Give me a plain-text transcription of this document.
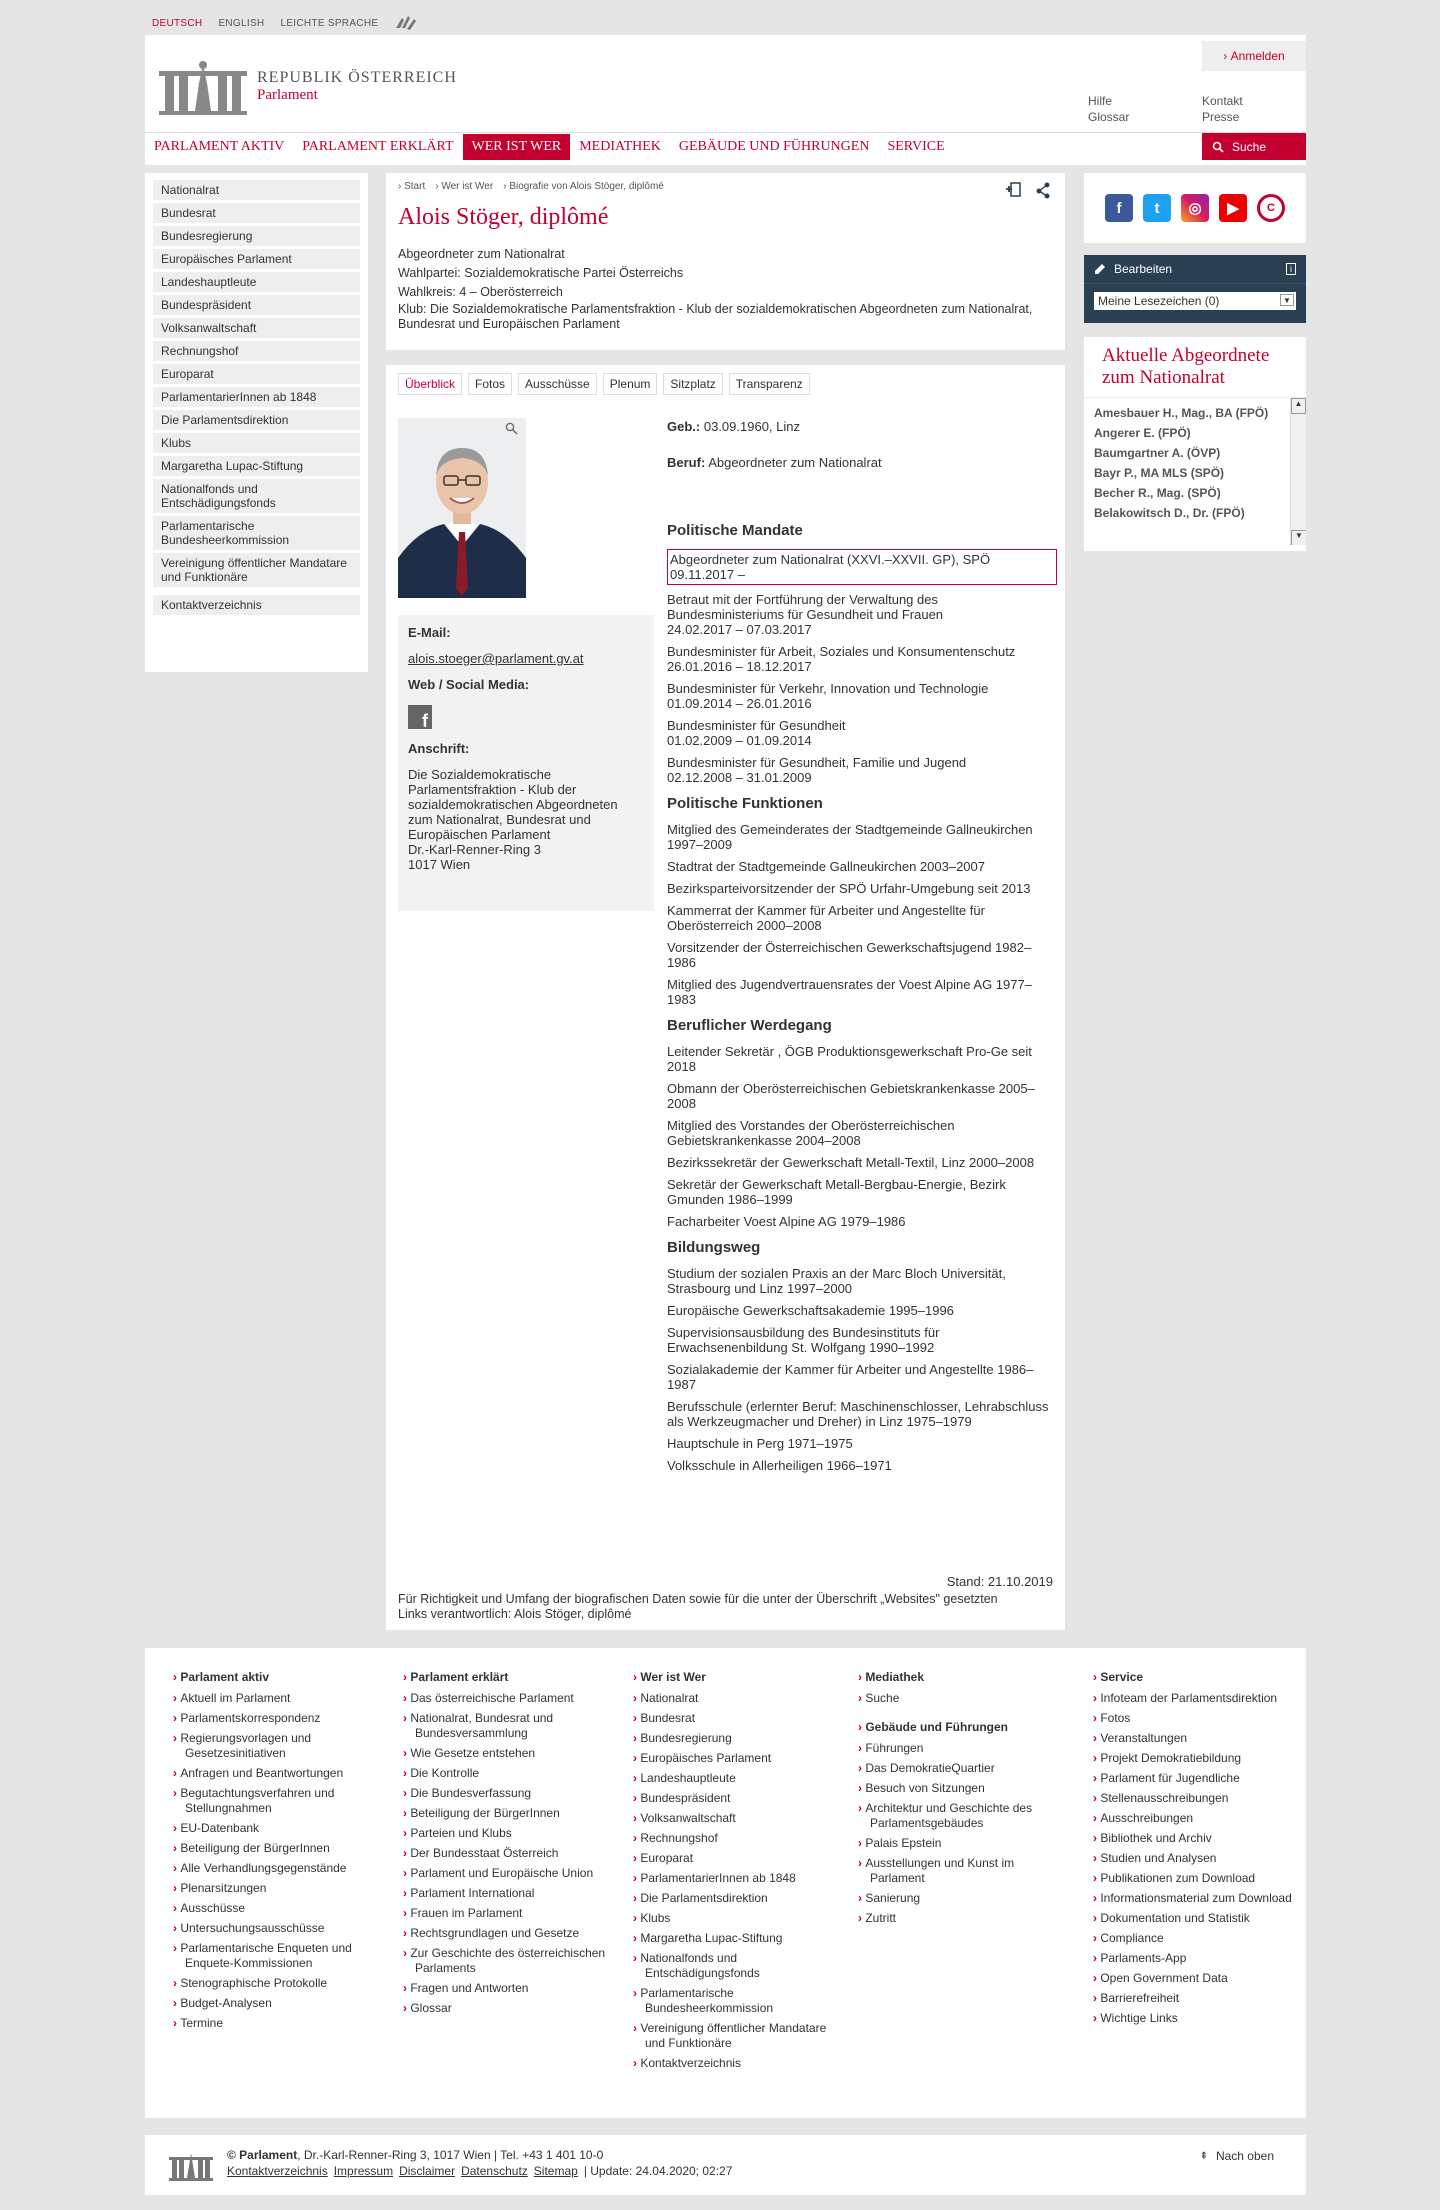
DEUTSCH ENGLISH LEICHTE SPRACHE
REPUBLIK ÖSTERREICH
Parlament
› Anmelden
Hilfe
Glossar
Kontakt
Presse
PARLAMENT AKTIV	PARLAMENT ERKLÄRT	WER IST WER	MEDIATHEK	GEBÄUDE UND FÜHRUNGEN	SERVICE	Suche
Nationalrat
Bundesrat
Bundesregierung
Europäisches Parlament
Landeshauptleute
Bundespräsident
Volksanwaltschaft
Rechnungshof
Europarat
ParlamentarierInnen ab 1848
Die Parlamentsdirektion
Klubs
Margaretha Lupac-Stiftung
Nationalfonds und Entschädigungsfonds
Parlamentarische Bundesheerkommission
Vereinigung öffentlicher Mandatare und Funktionäre
Kontaktverzeichnis
› Start	› Wer ist Wer	› Biografie von Alois Stöger, diplômé
Alois Stöger, diplômé
Abgeordneter zum Nationalrat
Wahlpartei: Sozialdemokratische Partei Österreichs
Wahlkreis: 4 – Oberösterreich
Klub: Die Sozialdemokratische Parlamentsfraktion - Klub der sozialdemokratischen Abgeordneten zum Nationalrat, Bundesrat und Europäischen Parlament
Überblick	Fotos	Ausschüsse	Plenum	Sitzplatz	Transparenz
E-Mail:
alois.stoeger@parlament.gv.at
Web / Social Media:
f
Anschrift:
Die Sozialdemokratische Parlamentsfraktion - Klub der sozialdemokratischen Abgeordneten zum Nationalrat, Bundesrat und Europäischen Parlament
Dr.-Karl-Renner-Ring 3
1017 Wien
Geb.: 03.09.1960, Linz
Beruf: Abgeordneter zum Nationalrat
Politische Mandate
Abgeordneter zum Nationalrat (XXVI.–XXVII. GP), SPÖ
09.11.2017 –
Betraut mit der Fortführung der Verwaltung des Bundesministeriums für Gesundheit und Frauen
24.02.2017 – 07.03.2017
Bundesminister für Arbeit, Soziales und Konsumentenschutz
26.01.2016 – 18.12.2017
Bundesminister für Verkehr, Innovation und Technologie
01.09.2014 – 26.01.2016
Bundesminister für Gesundheit
01.02.2009 – 01.09.2014
Bundesminister für Gesundheit, Familie und Jugend
02.12.2008 – 31.01.2009
Politische Funktionen
Mitglied des Gemeinderates der Stadtgemeinde Gallneukirchen 1997–2009
Stadtrat der Stadtgemeinde Gallneukirchen 2003–2007
Bezirksparteivorsitzender der SPÖ Urfahr-Umgebung seit 2013
Kammerrat der Kammer für Arbeiter und Angestellte für Oberösterreich 2000–2008
Vorsitzender der Österreichischen Gewerkschaftsjugend 1982–1986
Mitglied des Jugendvertrauensrates der Voest Alpine AG 1977–1983
Beruflicher Werdegang
Leitender Sekretär , ÖGB Produktionsgewerkschaft Pro-Ge seit 2018
Obmann der Oberösterreichischen Gebietskrankenkasse 2005–2008
Mitglied des Vorstandes der Oberösterreichischen Gebietskrankenkasse 2004–2008
Bezirkssekretär der Gewerkschaft Metall-Textil, Linz 2000–2008
Sekretär der Gewerkschaft Metall-Bergbau-Energie, Bezirk Gmunden 1986–1999
Facharbeiter Voest Alpine AG 1979–1986
Bildungsweg
Studium der sozialen Praxis an der Marc Bloch Universität, Strasbourg und Linz 1997–2000
Europäische Gewerkschaftsakademie 1995–1996
Supervisionsausbildung des Bundesinstituts für Erwachsenenbildung St. Wolfgang 1990–1992
Sozialakademie der Kammer für Arbeiter und Angestellte 1986–1987
Berufsschule (erlernter Beruf: Maschinenschlosser, Lehrabschluss als Werkzeugmacher und Dreher) in Linz 1975–1979
Hauptschule in Perg 1971–1975
Volksschule in Allerheiligen 1966–1971
Stand: 21.10.2019
Für Richtigkeit und Umfang der biografischen Daten sowie für die unter der Überschrift „Websites" gesetzten Links verantwortlich: Alois Stöger, diplômé
f	t	◎	▶	C
Bearbeiten	i
Meine Lesezeichen (0)	▼
Aktuelle Abgeordnete zum Nationalrat
Amesbauer H., Mag., BA (FPÖ)
Angerer E. (FPÖ)
Baumgartner A. (ÖVP)
Bayr P., MA MLS (SPÖ)
Becher R., Mag. (SPÖ)
Belakowitsch D., Dr. (FPÖ)
▲
▼
› Parlament aktiv
› Aktuell im Parlament
› Parlamentskorrespondenz
› Regierungsvorlagen und Gesetzesinitiativen
› Anfragen und Beantwortungen
› Begutachtungsverfahren und Stellungnahmen
› EU-Datenbank
› Beteiligung der BürgerInnen
› Alle Verhandlungsgegenstände
› Plenarsitzungen
› Ausschüsse
› Untersuchungsausschüsse
› Parlamentarische Enqueten und Enquete-Kommissionen
› Stenographische Protokolle
› Budget-Analysen
› Termine
› Parlament erklärt
› Das österreichische Parlament
› Nationalrat, Bundesrat und Bundesversammlung
› Wie Gesetze entstehen
› Die Kontrolle
› Die Bundesverfassung
› Beteiligung der BürgerInnen
› Parteien und Klubs
› Der Bundesstaat Österreich
› Parlament und Europäische Union
› Parlament International
› Frauen im Parlament
› Rechtsgrundlagen und Gesetze
› Zur Geschichte des österreichischen Parlaments
› Fragen und Antworten
› Glossar
› Wer ist Wer
› Nationalrat
› Bundesrat
› Bundesregierung
› Europäisches Parlament
› Landeshauptleute
› Bundespräsident
› Volksanwaltschaft
› Rechnungshof
› Europarat
› ParlamentarierInnen ab 1848
› Die Parlamentsdirektion
› Klubs
› Margaretha Lupac-Stiftung
› Nationalfonds und Entschädigungsfonds
› Parlamentarische Bundesheerkommission
› Vereinigung öffentlicher Mandatare und Funktionäre
› Kontaktverzeichnis
› Mediathek
› Suche
› Gebäude und Führungen
› Führungen
› Das DemokratieQuartier
› Besuch von Sitzungen
› Architektur und Geschichte des Parlamentsgebäudes
› Palais Epstein
› Ausstellungen und Kunst im Parlament
› Sanierung
› Zutritt
› Service
› Infoteam der Parlamentsdirektion
› Fotos
› Veranstaltungen
› Projekt Demokratiebildung
› Parlament für Jugendliche
› Stellenausschreibungen
› Ausschreibungen
› Bibliothek und Archiv
› Studien und Analysen
› Publikationen zum Download
› Informationsmaterial zum Download
› Dokumentation und Statistik
› Compliance
› Parlaments-App
› Open Government Data
› Barrierefreiheit
› Wichtige Links
© Parlament, Dr.-Karl-Renner-Ring 3, 1017 Wien | Tel. +43 1 401 10-0
Kontaktverzeichnis Impressum Disclaimer Datenschutz Sitemap | Update: 24.04.2020; 02:27
⇞ Nach oben
